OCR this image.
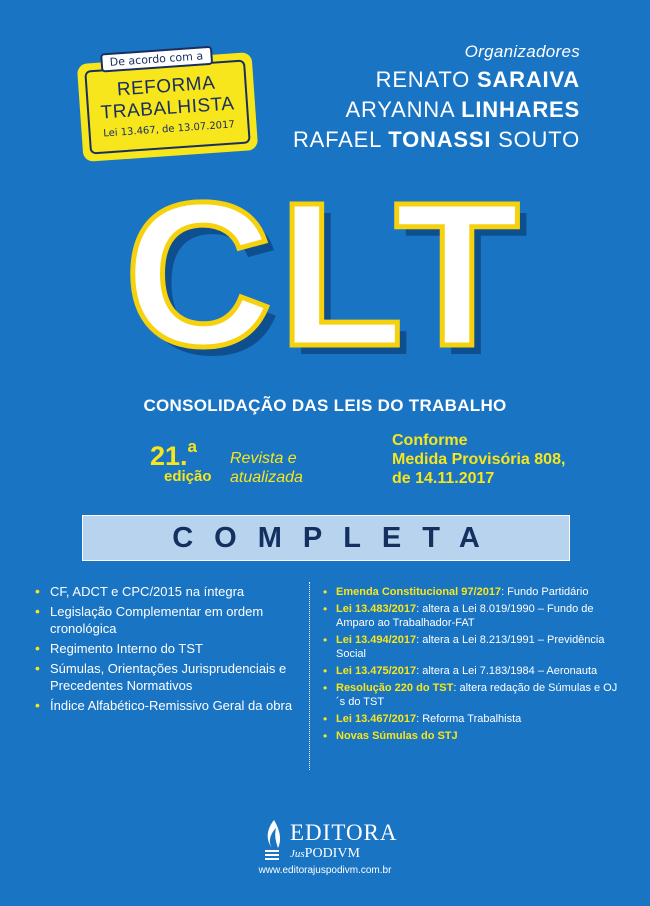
De acordo com a
REFORMA
TRABALHISTA
Lei 13.467, de 13.07.2017
Organizadores
RENATO SARAIVA
ARYANNA LINHARES
RAFAEL TONASSI SOUTO
CLT
CONSOLIDAÇÃO DAS LEIS DO TRABALHO
21.$^a$
edição
Revista e
atualizada
Conforme
Medida Provisória 808,
de 14.11.2017
COMPLETA
• CF, ADCT e CPC/2015 na íntegra
• Legislação Complementar em ordem cronológica
• Regimento Interno do TST
• Súmulas, Orientações Jurisprudenciais e Precedentes Normativos
• Índice Alfabético-Remissivo Geral da obra
• Emenda Constitucional 97/2017: Fundo Partidário
• Lei 13.483/2017: altera a Lei 8.019/1990 – Fundo de Amparo ao Trabalhador-FAT
• Lei 13.494/2017: altera a Lei 8.213/1991 – Previdência Social
• Lei 13.475/2017: altera a Lei 7.183/1984 – Aeronauta
• Resolução 220 do TST: altera redação de Súmulas e OJ´s do TST
• Lei 13.467/2017: Reforma Trabalhista
• Novas Súmulas do STJ
EDITORA
JusPODIVM
www.editorajuspodivm.com.br
